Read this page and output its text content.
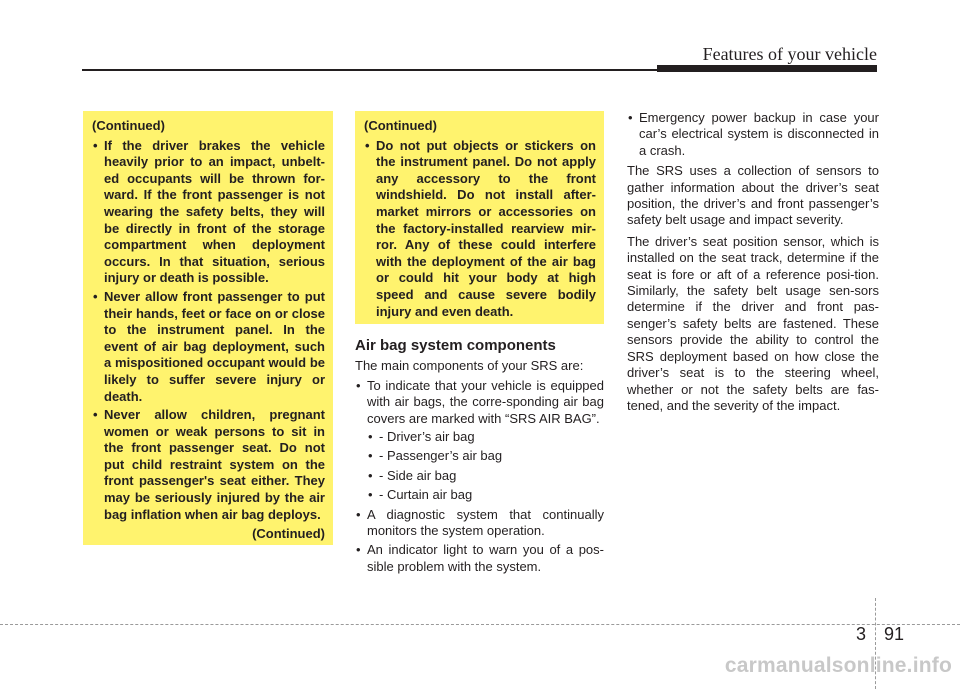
Features of your vehicle

(Continued)

• If the driver brakes the vehicle heavily prior to an impact, unbelt-ed occupants will be thrown for-ward. If the front passenger is not wearing the safety belts, they will be directly in front of the storage compartment when deployment occurs. In that situation, serious injury or death is possible.
• Never allow front passenger to put their hands, feet or face on or close to the instrument panel. In the event of air bag deployment, such a mispositioned occupant would be likely to suffer severe injury or death.
• Never allow children, pregnant women or weak persons to sit in the front passenger seat. Do not put child restraint system on the front passenger's seat either. They may be seriously injured by the air bag inflation when air bag deploys.

(Continued)

(Continued)

• Do not put objects or stickers on the instrument panel. Do not apply any accessory to the front windshield. Do not install after-market mirrors or accessories on the factory-installed rearview mir-ror. Any of these could interfere with the deployment of the air bag or could hit your body at high speed and cause severe bodily injury and even death.
Air bag system components

The main components of your SRS are:

• To indicate that your vehicle is equipped with air bags, the corre-sponding air bag covers are marked with “SRS AIR BAG”.
• - Driver’s air bag
• - Passenger’s air bag
• - Side air bag
• - Curtain air bag
• A diagnostic system that continually monitors the system operation.
• An indicator light to warn you of a pos-sible problem with the system.
• Emergency power backup in case your car’s electrical system is disconnected in a crash.

The SRS uses a collection of sensors to gather information about the driver’s seat position, the driver’s and front passenger’s safety belt usage and impact severity.

The driver’s seat position sensor, which is installed on the seat track, determine if the seat is fore or aft of a reference posi-tion. Similarly, the safety belt usage sen-sors determine if the driver and front pas-senger’s safety belts are fastened. These sensors provide the ability to control the SRS deployment based on how close the driver’s seat is to the steering wheel, whether or not the safety belts are fas-tened, and the severity of the impact.

3 91
carmanualsonline.info
